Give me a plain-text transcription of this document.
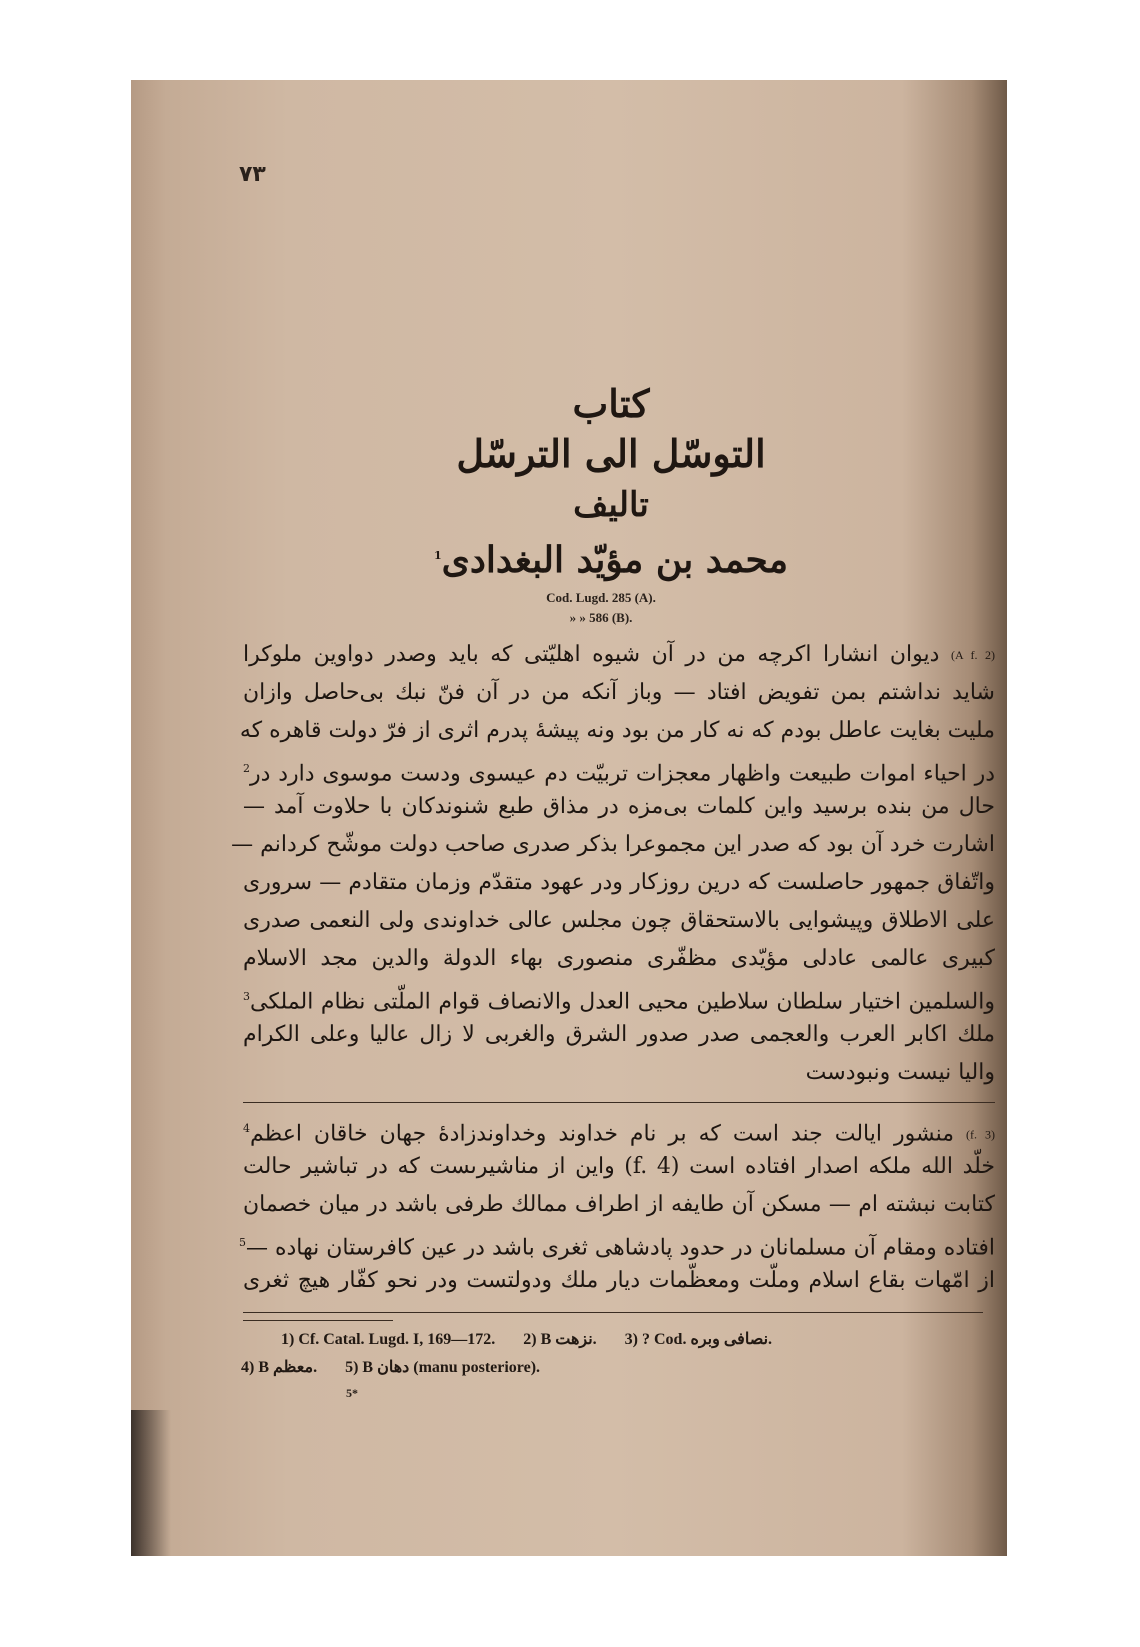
۷۳
كتاب
التوسّل الى الترسّل
تاليف
محمد بن مؤيّد البغدادى$^1$
Cod. Lugd. 285 (A).
» » 586 (B).
(A f. 2) ديوان انشارا اكرچه من در آن شيوه اهليّتى كه بايد وصدر دواوين ملوكرا
شايد نداشتم بمن تفويض افتاد — وباز آنكه من در آن فنّ نبك بى‌حاصل وازان
مليت بغايت عاطل بودم كه نه كار من بود ونه پيشهٔ پدرم اثرى از فرّ دولت قاهره كه
در احياء اموات طبيعت واظهار معجزات تربيّت دم عيسوى ودست موسوى دارد در$^2$
حال من بنده برسيد واين كلمات بى‌مزه در مذاق طبع شنوندكان با حلاوت آمد —
اشارت خرد آن بود كه صدر اين مجموعرا بذكر صدرى صاحب دولت موشّح كردانم —
واتّفاق جمهور حاصلست كه درين روزكار ودر عهود متقدّم وزمان متقادم — سرورى
على الاطلاق وپيشوايى بالاستحقاق چون مجلس عالى خداوندى ولى النعمى صدرى
كبيرى عالمى عادلى مؤيّدى مظفّرى منصورى بهاء الدولة والدين مجد الاسلام
والسلمين اختيار سلطان سلاطين محيى العدل والانصاف قوام الملّتى نظام الملكى$^3$
ملك اكابر العرب والعجمى صدر صدور الشرق والغربى لا زال عاليا وعلى الكرام
واليا نيست ونبودست
(f. 3) منشور ايالت جند است كه بر نام خداوند وخداوندزادهٔ جهان خاقان اعظم$^4$
خلّد الله ملكه اصدار افتاده است (f. 4) واين از مناشيرىست كه در تباشير حالت
كتابت نبشته ام — مسكن آن طايفه از اطراف ممالك طرفى باشد در ميان خصمان
افتاده ومقام آن مسلمانان در حدود پادشاهى ثغرى باشد در عين كافرستان نهاده —$^5$
از امّهات بقاع اسلام وملّت ومعظّمات ديار ملك ودولتست ودر نحو كفّار هيچ ثغرى
1) Cf. Catal. Lugd. I, 169—172. 2) B نزهت. 3) ? Cod. نصافى وبره.
4) B معظم. 5) B دهان (manu posteriore).
5*
